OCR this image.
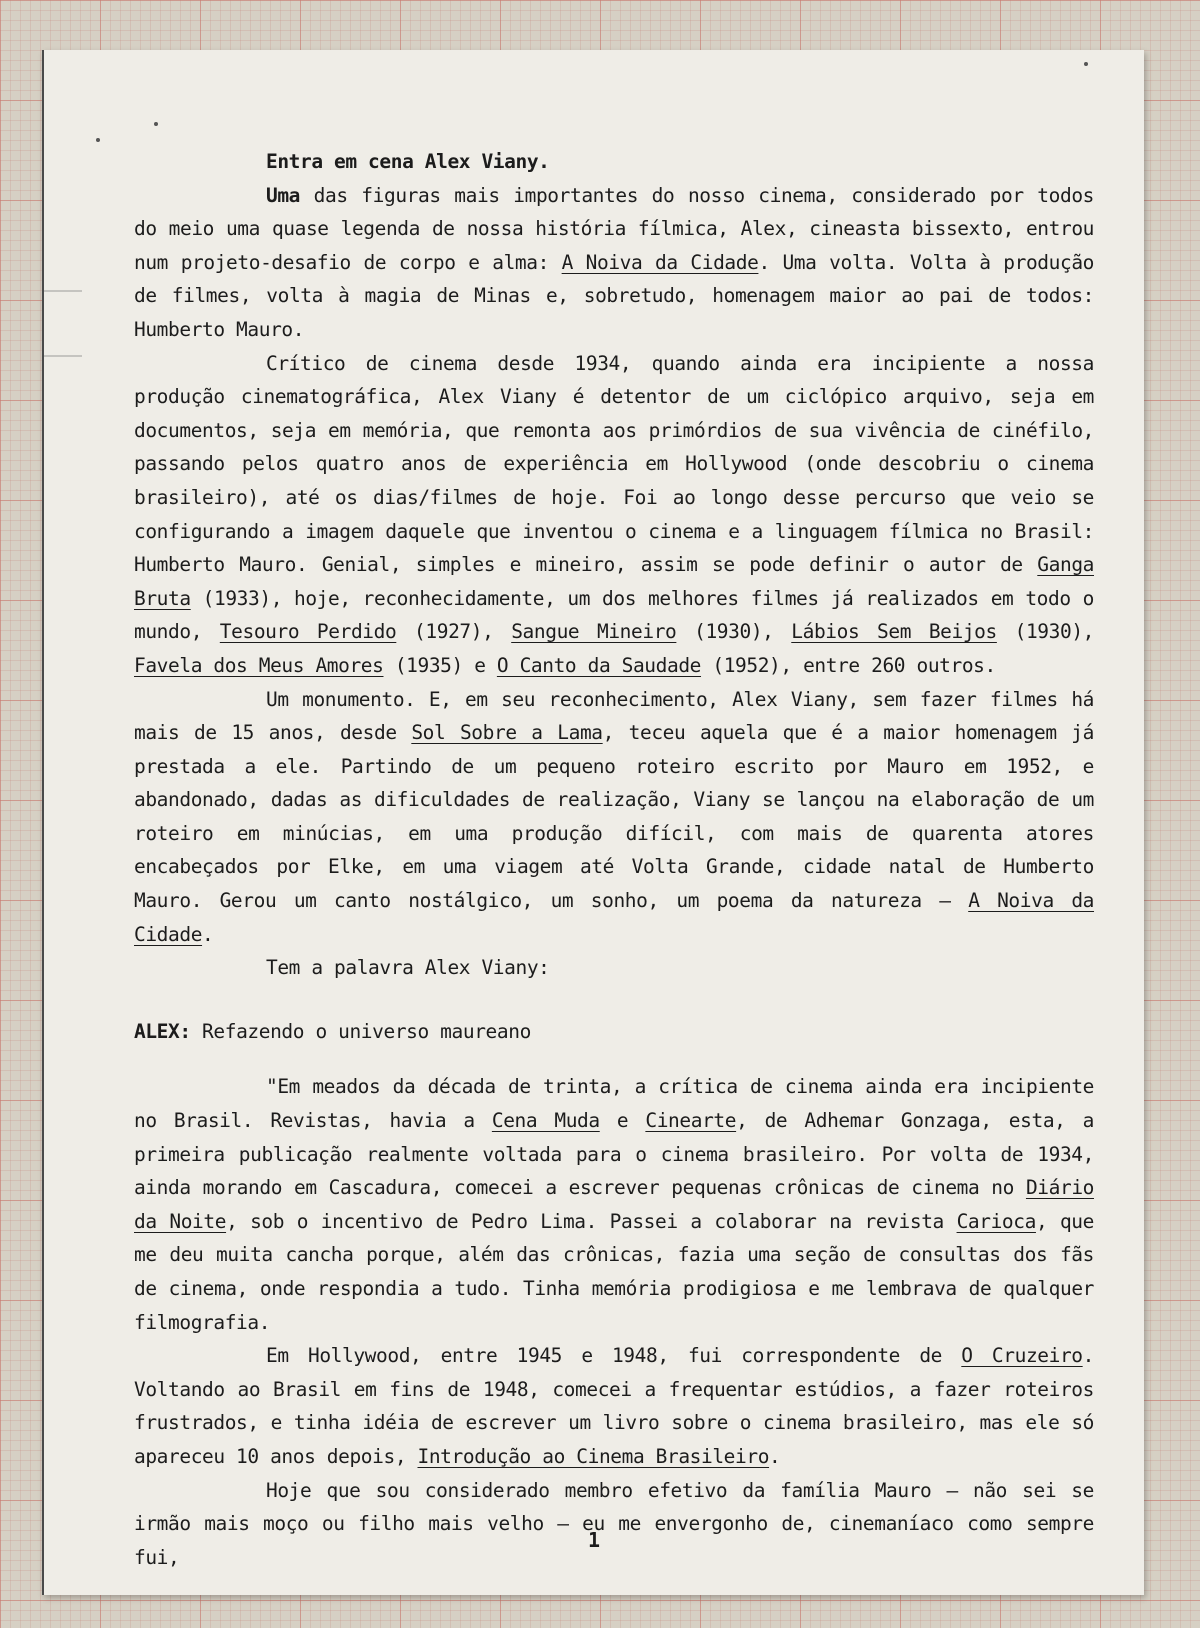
Entra em cena Alex Viany.

Uma das figuras mais importantes do nosso cinema, considerado por todos do meio uma quase legenda de nossa história fílmica, Alex, cineasta bissexto, entrou num projeto-desafio de corpo e alma: A Noiva da Cidade. Uma volta. Volta à produção de filmes, volta à magia de Minas e, sobretudo, homenagem maior ao pai de todos: Humberto Mauro.

Crítico de cinema desde 1934, quando ainda era incipiente a nossa produção cinematográfica, Alex Viany é detentor de um ciclópico arquivo, seja em documentos, seja em memória, que remonta aos primórdios de sua vivência de cinéfilo, passando pelos quatro anos de experiência em Hollywood (onde descobriu o cinema brasileiro), até os dias/filmes de hoje. Foi ao longo desse percurso que veio se configurando a imagem daquele que inventou o cinema e a linguagem fílmica no Brasil: Humberto Mauro. Genial, simples e mineiro, assim se pode definir o autor de Ganga Bruta (1933), hoje, reconhecidamente, um dos melhores filmes já realizados em todo o mundo, Tesouro Perdido (1927), Sangue Mineiro (1930), Lábios Sem Beijos (1930), Favela dos Meus Amores (1935) e O Canto da Saudade (1952), entre 260 outros.

Um monumento. E, em seu reconhecimento, Alex Viany, sem fazer filmes há mais de 15 anos, desde Sol Sobre a Lama, teceu aquela que é a maior homenagem já prestada a ele. Partindo de um pequeno roteiro escrito por Mauro em 1952, e abandonado, dadas as dificuldades de realização, Viany se lançou na elaboração de um roteiro em minúcias, em uma produção difícil, com mais de quarenta atores encabeçados por Elke, em uma viagem até Volta Grande, cidade natal de Humberto Mauro. Gerou um canto nostálgico, um sonho, um poema da natureza — A Noiva da Cidade.

Tem a palavra Alex Viany:

ALEX: Refazendo o universo maureano

"Em meados da década de trinta, a crítica de cinema ainda era incipiente no Brasil. Revistas, havia a Cena Muda e Cinearte, de Adhemar Gonzaga, esta, a primeira publicação realmente voltada para o cinema brasileiro. Por volta de 1934, ainda morando em Cascadura, comecei a escrever pequenas crônicas de cinema no Diário da Noite, sob o incentivo de Pedro Lima. Passei a colaborar na revista Carioca, que me deu muita cancha porque, além das crônicas, fazia uma seção de consultas dos fãs de cinema, onde respondia a tudo. Tinha memória prodigiosa e me lembrava de qualquer filmografia.

Em Hollywood, entre 1945 e 1948, fui correspondente de O Cruzeiro. Voltando ao Brasil em fins de 1948, comecei a frequentar estúdios, a fazer roteiros frustrados, e tinha idéia de escrever um livro sobre o cinema brasileiro, mas ele só apareceu 10 anos depois, Introdução ao Cinema Brasileiro.

Hoje que sou considerado membro efetivo da família Mauro — não sei se irmão mais moço ou filho mais velho — eu me envergonho de, cinemaníaco como sempre fui,

1
